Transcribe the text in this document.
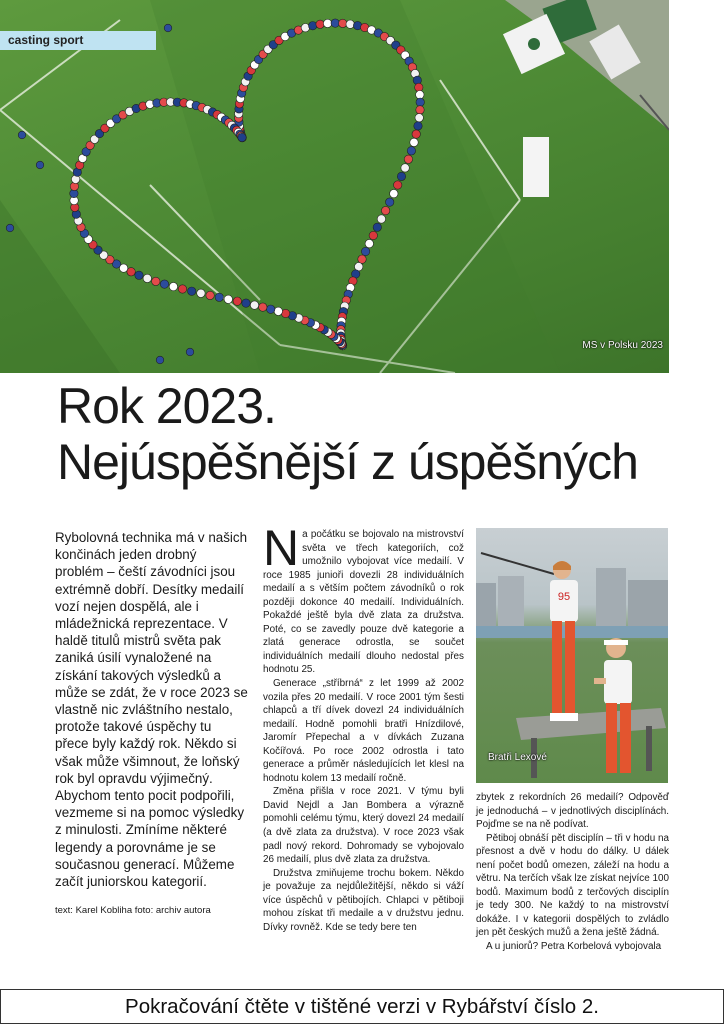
MS v Polsku 2023
casting sport
Rok 2023.
Nejúspěšnější z úspěšných

Rybolovná technika má v našich končinách jeden drobný problém – čeští závodníci jsou extrémně dobří. Desítky medailí vozí nejen dospělá, ale i mládežnická reprezentace. V haldě titulů mistrů světa pak zaniká úsilí vynaložené na získání takových výsledků a může se zdát, že v roce 2023 se vlastně nic zvláštního nestalo, protože takové úspěchy tu přece byly každý rok. Někdo si však může všimnout, že loňský rok byl opravdu výjimečný. Abychom tento pocit podpořili, vezmeme si na pomoc výsledky z minulosti. Zmíníme některé legendy a porovnáme je se současnou generací. Můžeme začít juniorskou kategorií.

text: Karel Kobliha foto: archiv autora

Na počátku se bojovalo na mistrovství světa ve třech kategoriích, což umožnilo vybojovat více medailí. V roce 1985 junioři dovezli 28 individuálních medailí a s větším počtem závodníků o rok později dokonce 40 medailí. Individuálních. Pokaždé ještě byla dvě zlata za družstva. Poté, co se zavedly pouze dvě kategorie a zlatá generace odrostla, se součet individuálních medailí dlouho nedostal přes hodnotu 25.

Generace „stříbrná“ z let 1999 až 2002 vozila přes 20 medailí. V roce 2001 tým šesti chlapců a tří dívek dovezl 24 individuálních medailí. Hodně pomohli bratři Hnízdilové, Jaromír Přepechal a v dívkách Zuzana Kočířová. Po roce 2002 odrostla i tato generace a průměr následujících let klesl na hodnotu kolem 13 medailí ročně.

Změna přišla v roce 2021. V týmu byli David Nejdl a Jan Bombera a výrazně pomohli celému týmu, který dovezl 24 medailí (a dvě zlata za družstva). V roce 2023 však padl nový rekord. Dohromady se vybojovalo 26 medailí, plus dvě zlata za družstva.

Družstva zmiňujeme trochu bokem. Někdo je považuje za nejdůležitější, někdo si váží více úspěchů v pětibojích. Chlapci v pětiboji mohou získat tři medaile a v družstvu jednu. Dívky rovněž. Kde se tedy bere ten

95
Bratři Lexové

zbytek z rekordních 26 medailí? Odpověď je jednoduchá – v jednotlivých disciplínách. Pojďme se na ně podívat.

Pětiboj obnáší pět disciplín – tři v hodu na přesnost a dvě v hodu do dálky. U dálek není počet bodů omezen, záleží na hodu a větru. Na terčích však lze získat nejvíce 100 bodů. Maximum bodů z terčových disciplín je tedy 300. Ne každý to na mistrovství dokáže. I v kategorii dospělých to zvládlo jen pět českých mužů a žena ještě žádná.

A u juniorů? Petra Korbelová vybojovala

Pokračování čtěte v tištěné verzi v Rybářství číslo 2.
